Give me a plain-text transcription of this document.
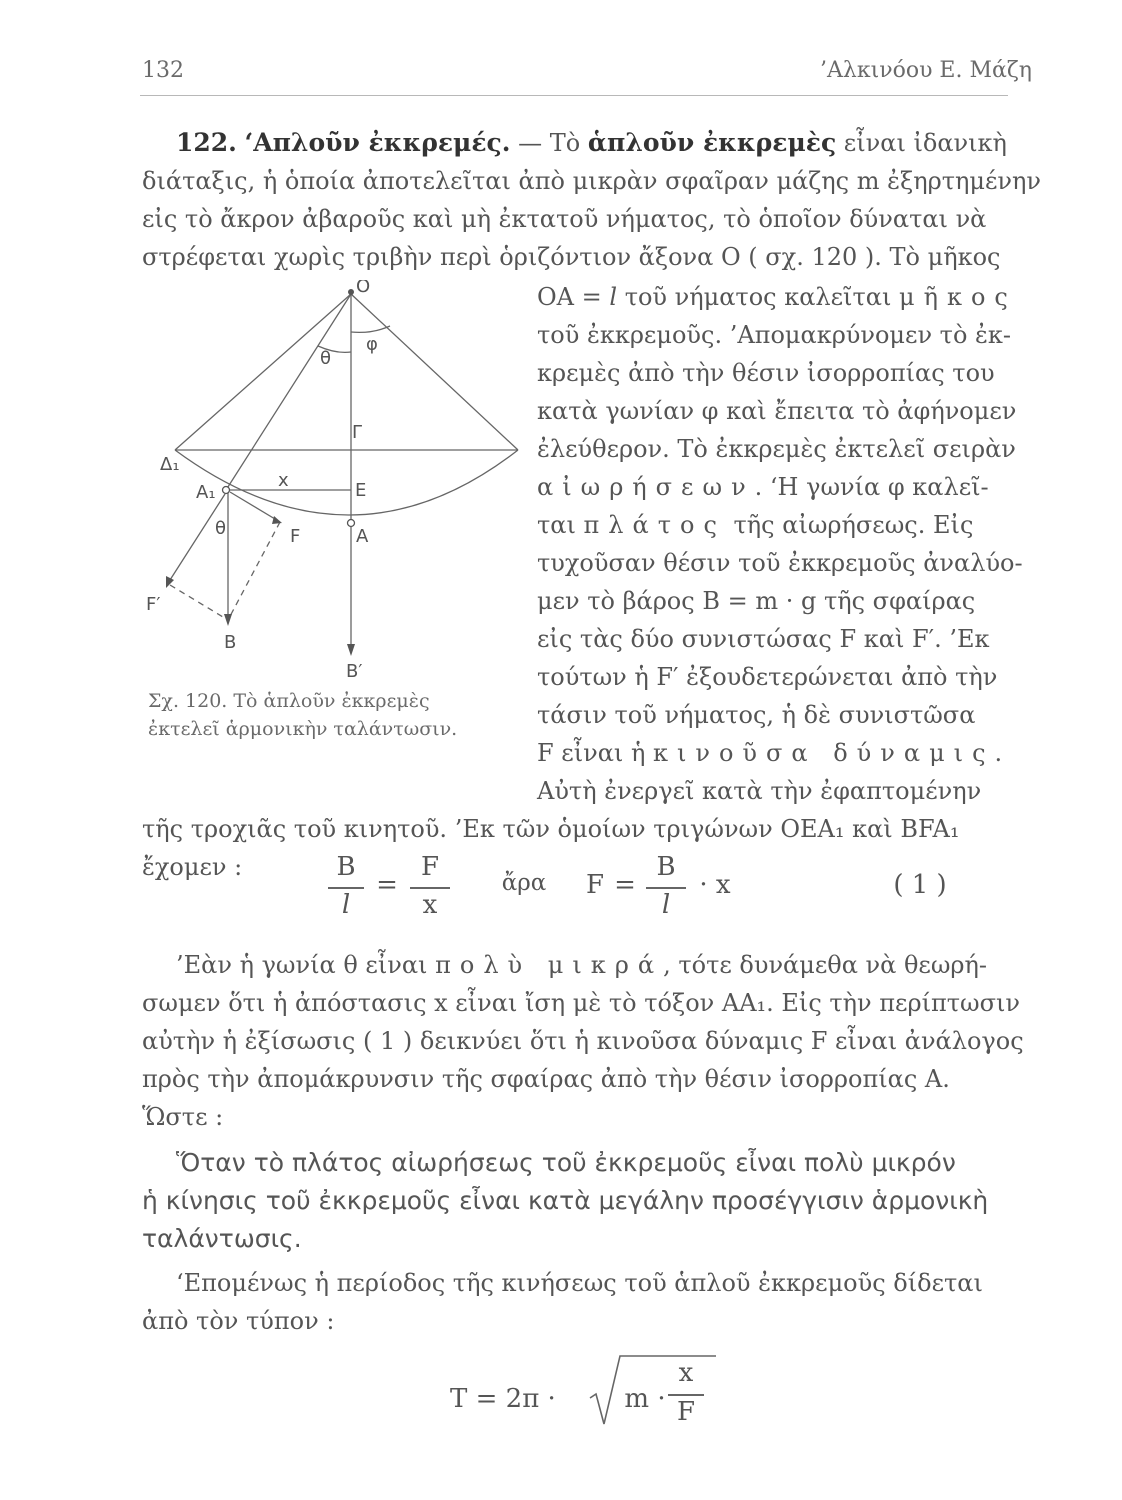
132	’Αλκινόου Ε. Μάζη
122. ‘Απλοῦν ἐκκρεμές. — Τὸ ἁπλοῦν ἐκκρεμὲς εἶναι ἰδανικὴ
διάταξις, ἡ ὁποία ἀποτελεῖται ἀπὸ μικρὰν σφαῖραν μάζης m ἐξηρτημένην
εἰς τὸ ἄκρον ἀβαροῦς καὶ μὴ ἐκτατοῦ νήματος, τὸ ὁποῖον δύναται νὰ
στρέφεται χωρὶς τριβὴν περὶ ὁριζόντιον ἄξονα O ( σχ. 120 ). Τὸ μῆκος
ΟΑ = l τοῦ νήματος καλεῖται μῆκος
τοῦ ἐκκρεμοῦς. ’Απομακρύνομεν τὸ ἐκ-
κρεμὲς ἀπὸ τὴν θέσιν ἰσορροπίας του
κατὰ γωνίαν φ καὶ ἔπειτα τὸ ἀφήνομεν
ἐλεύθερον. Τὸ ἐκκρεμὲς ἐκτελεῖ σειρὰν
αἰωρήσεων. ‘Η γωνία φ καλεῖ-
ται πλάτος τῆς αἰωρήσεως. Εἰς
τυχοῦσαν θέσιν τοῦ ἐκκρεμοῦς ἀναλύο-
μεν τὸ βάρος B = m · g τῆς σφαίρας
εἰς τὰς δύο συνιστώσας F καὶ F′. ’Εκ
τούτων ἡ F′ ἐξουδετερώνεται ἀπὸ τὴν
τάσιν τοῦ νήματος, ἡ δὲ συνιστῶσα
F εἶναι ἡ κινοῦσα δύναμις.
Αὐτὴ ἐνεργεῖ κατὰ τὴν ἐφαπτομένην
O
θ
φ
Γ
Δ₁
A₁
x	E
θ	F	A
F′
B
B′
Σχ. 120. Τὸ ἁπλοῦν ἐκκρεμὲς
ἐκτελεῖ ἁρμονικὴν ταλάντωσιν.
τῆς τροχιᾶς τοῦ κινητοῦ. ’Εκ τῶν ὁμοίων τριγώνων ΟΕΑ₁ καὶ BFA₁
ἔχομεν :	B
l
=
F
x
ἄρα F =
B
l
· x	( 1 )
’Εὰν ἡ γωνία θ εἶναι πολὺ μικρά, τότε δυνάμεθα νὰ θεωρή-
σωμεν ὅτι ἡ ἀπόστασις x εἶναι ἴση μὲ τὸ τόξον ΑΑ₁. Εἰς τὴν περίπτωσιν
αὐτὴν ἡ ἐξίσωσις ( 1 ) δεικνύει ὅτι ἡ κινοῦσα δύναμις F εἶναι ἀνάλογος
πρὸς τὴν ἀπομάκρυνσιν τῆς σφαίρας ἀπὸ τὴν θέσιν ἰσορροπίας Α.
Ὥστε :
Ὅταν τὸ πλάτος αἰωρήσεως τοῦ ἐκκρεμοῦς εἶναι πολὺ μικρόν
ἡ κίνησις τοῦ ἐκκρεμοῦς εἶναι κατὰ μεγάλην προσέγγισιν ἁρμονικὴ
ταλάντωσις.
‘Επομένως ἡ περίοδος τῆς κινήσεως τοῦ ἁπλοῦ ἐκκρεμοῦς δίδεται
ἀπὸ τὸν τύπον :
T = 2π ·	m ·
x
F
